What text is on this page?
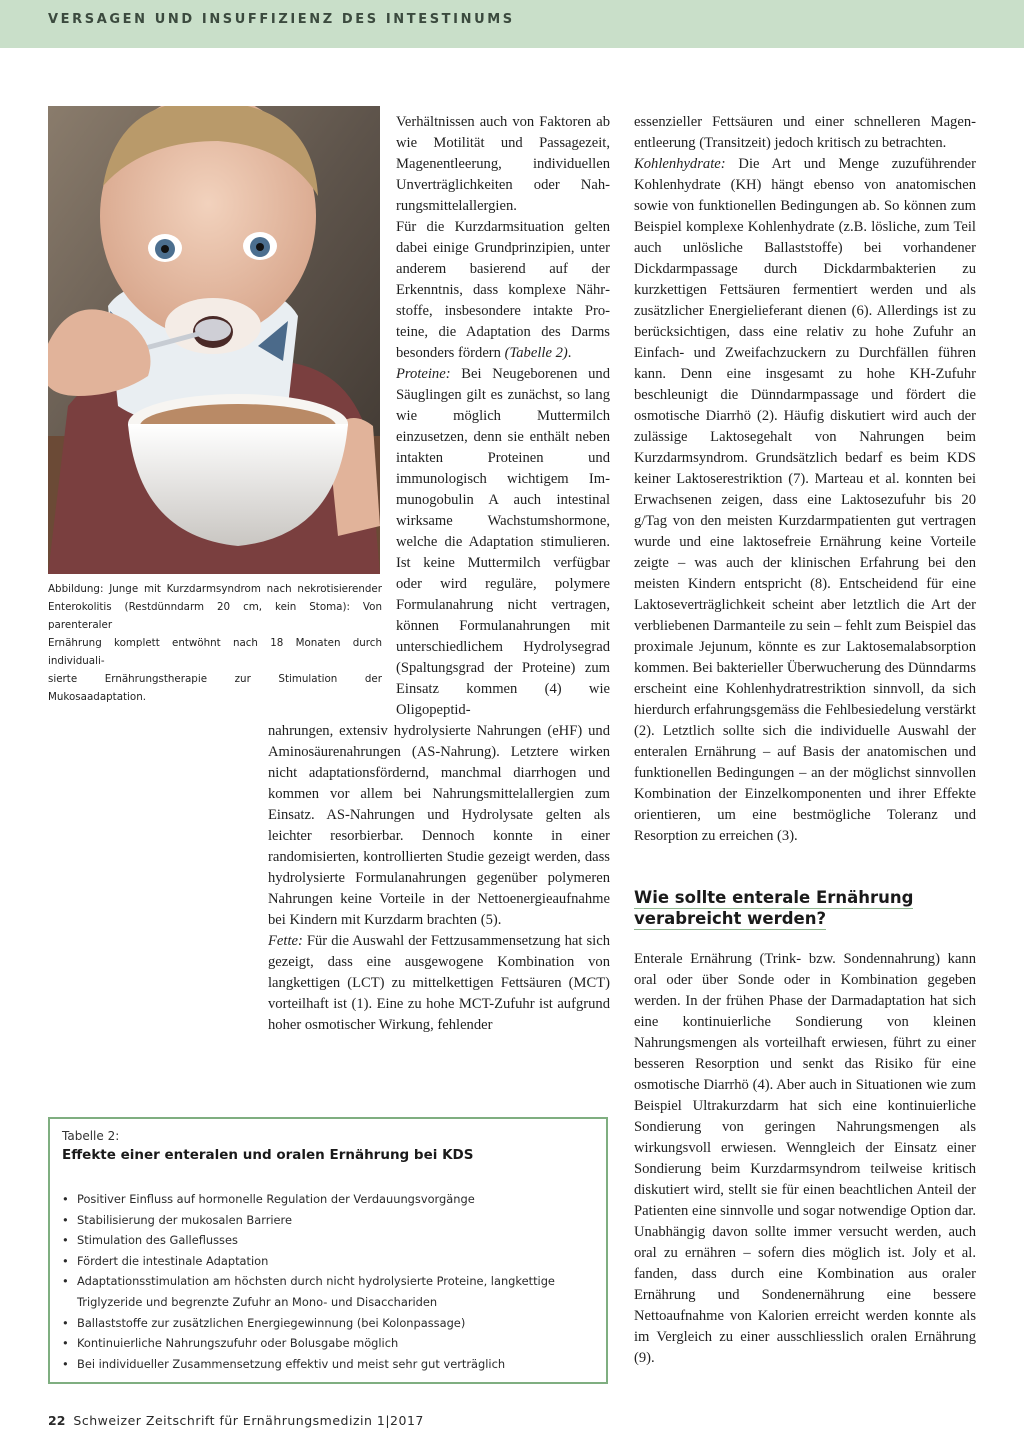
VERSAGEN UND INSUFFIZIENZ DES INTESTINUMS
Abbildung: Junge mit Kurzdarmsyndrom nach nekrotisierender
Enterokolitis (Restdünndarm 20 cm, kein Stoma): Von parenteraler
Ernährung komplett entwöhnt nach 18 Monaten durch individuali-
sierte Ernährungstherapie zur Stimulation der Mukosaadaptation.

Verhältnissen auch von Faktoren ab wie Motilität und Passagezeit, Magenentleerung, individuellen Unverträglichkeiten oder Nahrungsmittelallergien.

Für die Kurzdarmsituation gelten dabei einige Grundprinzipien, unter anderem basierend auf der Erkenntnis, dass komplexe Nährstoffe, insbesondere intakte Proteine, die Adaptation des Darms besonders fördern (Tabelle 2).

Proteine: Bei Neugeborenen und Säuglingen gilt es zunächst, so lang wie möglich Muttermilch einzusetzen, denn sie enthält neben intakten Proteinen und immunologisch wichtigem Immunogobulin A auch intestinal wirksame Wachstumshormone, welche die Adaptation stimulieren. Ist keine Muttermilch verfügbar oder wird reguläre, polymere Formulanahrung nicht vertragen, können Formulanahrungen mit unterschiedlichem Hydrolysegrad (Spaltungsgrad der Proteine) zum Einsatz kommen (4) wie Oligopeptid-

nahrungen, extensiv hydrolysierte Nahrungen (eHF) und Aminosäurenahrungen (AS-Nahrung). Letztere wirken nicht adaptationsfördernd, manchmal diarrhogen und kommen vor allem bei Nahrungsmittelallergien zum Einsatz. AS-Nahrungen und Hydrolysate gelten als leichter resorbierbar. Dennoch konnte in einer randomisierten, kontrollierten Studie gezeigt werden, dass hydrolysierte Formulanahrungen gegenüber polymeren Nahrungen keine Vorteile in der Nettoenergieaufnahme bei Kindern mit Kurzdarm brachten (5).

Fette: Für die Auswahl der Fettzusammensetzung hat sich gezeigt, dass eine ausgewogene Kombination von langkettigen (LCT) zu mittelkettigen Fettsäuren (MCT) vorteilhaft ist (1). Eine zu hohe MCT-Zufuhr ist aufgrund hoher osmotischer Wirkung, fehlender

essenzieller Fettsäuren und einer schnelleren Magenentleerung (Transitzeit) jedoch kritisch zu betrachten.

Kohlenhydrate: Die Art und Menge zuzuführender Kohlenhydrate (KH) hängt ebenso von anatomischen sowie von funktionellen Bedingungen ab. So können zum Beispiel komplexe Kohlenhydrate (z.B. lösliche, zum Teil auch unlösliche Ballaststoffe) bei vorhandener Dickdarmpassage durch Dickdarmbakterien zu kurzkettigen Fettsäuren fermentiert werden und als zusätzlicher Energielieferant dienen (6). Allerdings ist zu berücksichtigen, dass eine relativ zu hohe Zufuhr an Einfach- und Zweifachzuckern zu Durchfällen führen kann. Denn eine insgesamt zu hohe KH-Zufuhr beschleunigt die Dünndarmpassage und fördert die osmotische Diarrhö (2). Häufig diskutiert wird auch der zulässige Laktosegehalt von Nahrungen beim Kurzdarmsyndrom. Grundsätzlich bedarf es beim KDS keiner Laktoserestriktion (7). Marteau et al. konnten bei Erwachsenen zeigen, dass eine Laktosezufuhr bis 20 g/Tag von den meisten Kurzdarmpatienten gut vertragen wurde und eine laktosefreie Ernährung keine Vorteile zeigte – was auch der klinischen Erfahrung bei den meisten Kindern entspricht (8). Entscheidend für eine Laktoseverträglichkeit scheint aber letztlich die Art der verbliebenen Darmanteile zu sein – fehlt zum Beispiel das proximale Jejunum, könnte es zur Laktosemalabsorption kommen. Bei bakterieller Überwucherung des Dünndarms erscheint eine Kohlenhydratrestriktion sinnvoll, da sich hierdurch erfahrungsgemäss die Fehlbesiedelung verstärkt (2). Letztlich sollte sich die individuelle Auswahl der enteralen Ernährung – auf Basis der anatomischen und funktionellen Bedingungen – an der möglichst sinnvollen Kombination der Einzelkomponenten und ihrer Effekte orientieren, um eine bestmögliche Toleranz und Resorption zu erreichen (3).

Wie sollte enterale Ernährung
verabreicht werden?

Enterale Ernährung (Trink- bzw. Sondennahrung) kann oral oder über Sonde oder in Kombination gegeben werden. In der frühen Phase der Darmadaptation hat sich eine kontinuierliche Sondierung von kleinen Nahrungsmengen als vorteilhaft erwiesen, führt zu einer besseren Resorption und senkt das Risiko für eine osmotische Diarrhö (4). Aber auch in Situationen wie zum Beispiel Ultrakurzdarm hat sich eine kontinuierliche Sondierung von geringen Nahrungsmengen als wirkungsvoll erwiesen. Wenngleich der Einsatz einer Sondierung beim Kurzdarmsyndrom teilweise kritisch diskutiert wird, stellt sie für einen beachtlichen Anteil der Patienten eine sinnvolle und sogar notwendige Option dar. Unabhängig davon sollte immer versucht werden, auch oral zu ernähren – sofern dies möglich ist. Joly et al. fanden, dass durch eine Kombination aus oraler Ernährung und Sondenernährung eine bessere Nettoaufnahme von Kalorien erreicht werden konnte als im Vergleich zu einer ausschliesslich oralen Ernährung (9).

Tabelle 2:
Effekte einer enteralen und oralen Ernährung bei KDS
• Positiver Einfluss auf hormonelle Regulation der Verdauungsvorgänge
• Stabilisierung der mukosalen Barriere
• Stimulation des Galleflusses
• Fördert die intestinale Adaptation
• Adaptationsstimulation am höchsten durch nicht hydrolysierte Proteine, langkettige Triglyzeride und begrenzte Zufuhr an Mono- und Disacchariden
• Ballaststoffe zur zusätzlichen Energiegewinnung (bei Kolonpassage)
• Kontinuierliche Nahrungszufuhr oder Bolusgabe möglich
• Bei individueller Zusammensetzung effektiv und meist sehr gut verträglich
22 Schweizer Zeitschrift für Ernährungsmedizin 1|2017
